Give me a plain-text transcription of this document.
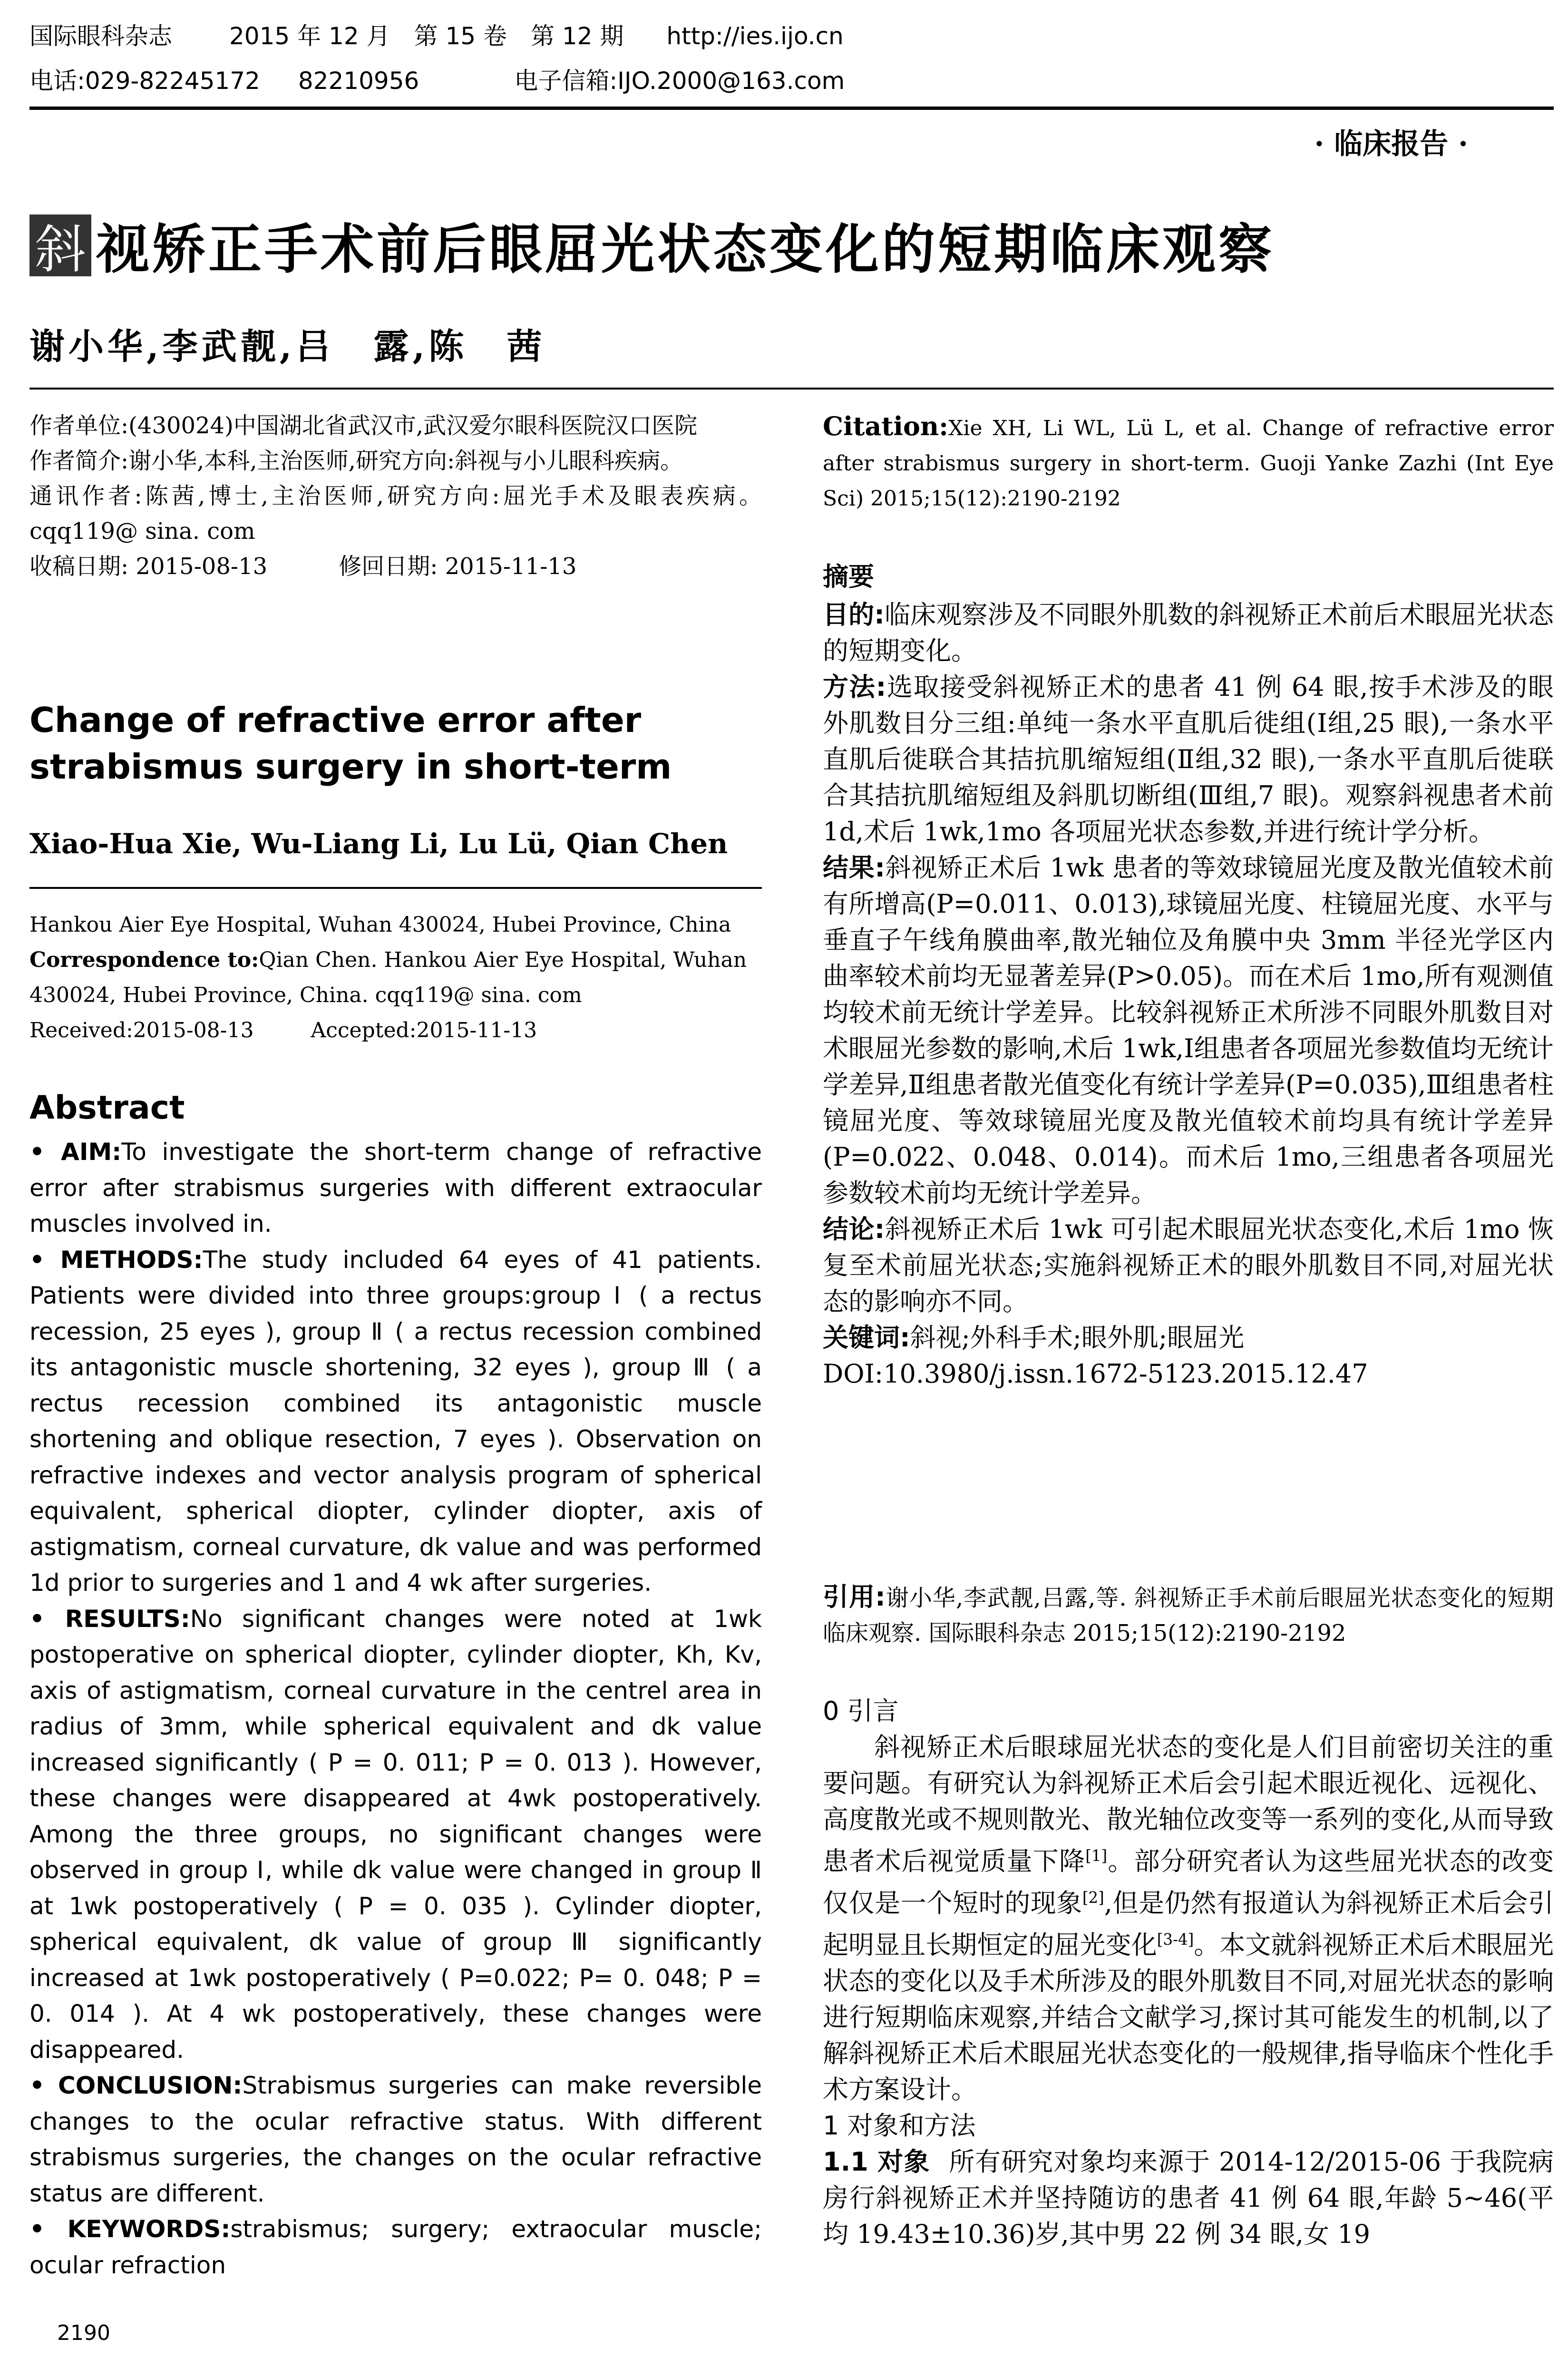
国际眼科杂志 2015 年 12 月 第 15 卷 第 12 期 http://ies.ijo.cn
电话:029-82245172 82210956	电子信箱:IJO.2000@163.com
· 临床报告 ·
斜 视矫正手术前后眼屈光状态变化的短期临床观察
谢小华,李武靓,吕　露,陈　茜

作者单位:(430024)中国湖北省武汉市,武汉爱尔眼科医院汉口医院

作者简介:谢小华,本科,主治医师,研究方向:斜视与小儿眼科疾病。

通讯作者:陈茜,博士,主治医师,研究方向:屈光手术及眼表疾病。cqq119@ sina. com

收稿日期: 2015-08-13	修回日期: 2015-11-13

Change of refractive error after strabismus surgery in short-term
Xiao-Hua Xie, Wu-Liang Li, Lu Lü, Qian Chen

Hankou Aier Eye Hospital, Wuhan 430024, Hubei Province, China

Correspondence to:Qian Chen. Hankou Aier Eye Hospital, Wuhan 430024, Hubei Province, China. cqq119@ sina. com

Received:2015-08-13	Accepted:2015-11-13

Abstract

• AIM:To investigate the short-term change of refractive error after strabismus surgeries with different extraocular muscles involved in.

• METHODS:The study included 64 eyes of 41 patients. Patients were divided into three groups:group Ⅰ ( a rectus recession, 25 eyes ), group Ⅱ ( a rectus recession combined its antagonistic muscle shortening, 32 eyes ), group Ⅲ ( a rectus recession combined its antagonistic muscle shortening and oblique resection, 7 eyes ). Observation on refractive indexes and vector analysis program of spherical equivalent, spherical diopter, cylinder diopter, axis of astigmatism, corneal curvature, dk value and was performed 1d prior to surgeries and 1 and 4 wk after surgeries.

• RESULTS:No significant changes were noted at 1wk postoperative on spherical diopter, cylinder diopter, Kh, Kv, axis of astigmatism, corneal curvature in the centrel area in radius of 3mm, while spherical equivalent and dk value increased significantly ( P = 0. 011; P = 0. 013 ). However, these changes were disappeared at 4wk postoperatively. Among the three groups, no significant changes were observed in group Ⅰ, while dk value were changed in group Ⅱ at 1wk postoperatively ( P = 0. 035 ). Cylinder diopter, spherical equivalent, dk value of group Ⅲ significantly increased at 1wk postoperatively ( P=0.022; P= 0. 048; P = 0. 014 ). At 4 wk postoperatively, these changes were disappeared.

• CONCLUSION:Strabismus surgeries can make reversible changes to the ocular refractive status. With different strabismus surgeries, the changes on the ocular refractive status are different.

• KEYWORDS:strabismus; surgery; extraocular muscle; ocular refraction

2190

Citation:Xie XH, Li WL, Lü L, et al. Change of refractive error after strabismus surgery in short-term. Guoji Yanke Zazhi (Int Eye Sci) 2015;15(12):2190-2192

摘要

目的:临床观察涉及不同眼外肌数的斜视矫正术前后术眼屈光状态的短期变化。

方法:选取接受斜视矫正术的患者 41 例 64 眼,按手术涉及的眼外肌数目分三组:单纯一条水平直肌后徙组(Ⅰ组,25 眼),一条水平直肌后徙联合其拮抗肌缩短组(Ⅱ组,32 眼),一条水平直肌后徙联合其拮抗肌缩短组及斜肌切断组(Ⅲ组,7 眼)。观察斜视患者术前 1d,术后 1wk,1mo 各项屈光状态参数,并进行统计学分析。

结果:斜视矫正术后 1wk 患者的等效球镜屈光度及散光值较术前有所增高(P=0.011、0.013),球镜屈光度、柱镜屈光度、水平与垂直子午线角膜曲率,散光轴位及角膜中央 3mm 半径光学区内曲率较术前均无显著差异(P>0.05)。而在术后 1mo,所有观测值均较术前无统计学差异。比较斜视矫正术所涉不同眼外肌数目对术眼屈光参数的影响,术后 1wk,Ⅰ组患者各项屈光参数值均无统计学差异,Ⅱ组患者散光值变化有统计学差异(P=0.035),Ⅲ组患者柱镜屈光度、等效球镜屈光度及散光值较术前均具有统计学差异(P=0.022、0.048、0.014)。而术后 1mo,三组患者各项屈光参数较术前均无统计学差异。

结论:斜视矫正术后 1wk 可引起术眼屈光状态变化,术后 1mo 恢复至术前屈光状态;实施斜视矫正术的眼外肌数目不同,对屈光状态的影响亦不同。

关键词:斜视;外科手术;眼外肌;眼屈光

DOI:10.3980/j.issn.1672-5123.2015.12.47

引用:谢小华,李武靓,吕露,等. 斜视矫正手术前后眼屈光状态变化的短期临床观察. 国际眼科杂志 2015;15(12):2190-2192

0 引言

斜视矫正术后眼球屈光状态的变化是人们目前密切关注的重要问题。有研究认为斜视矫正术后会引起术眼近视化、远视化、高度散光或不规则散光、散光轴位改变等一系列的变化,从而导致患者术后视觉质量下降[1]。部分研究者认为这些屈光状态的改变仅仅是一个短时的现象[2],但是仍然有报道认为斜视矫正术后会引起明显且长期恒定的屈光变化[3-4]。本文就斜视矫正术后术眼屈光状态的变化以及手术所涉及的眼外肌数目不同,对屈光状态的影响进行短期临床观察,并结合文献学习,探讨其可能发生的机制,以了解斜视矫正术后术眼屈光状态变化的一般规律,指导临床个性化手术方案设计。

1 对象和方法

1.1 对象 所有研究对象均来源于 2014-12/2015-06 于我院病房行斜视矫正术并坚持随访的患者 41 例 64 眼,年龄 5~46(平均 19.43±10.36)岁,其中男 22 例 34 眼,女 19
